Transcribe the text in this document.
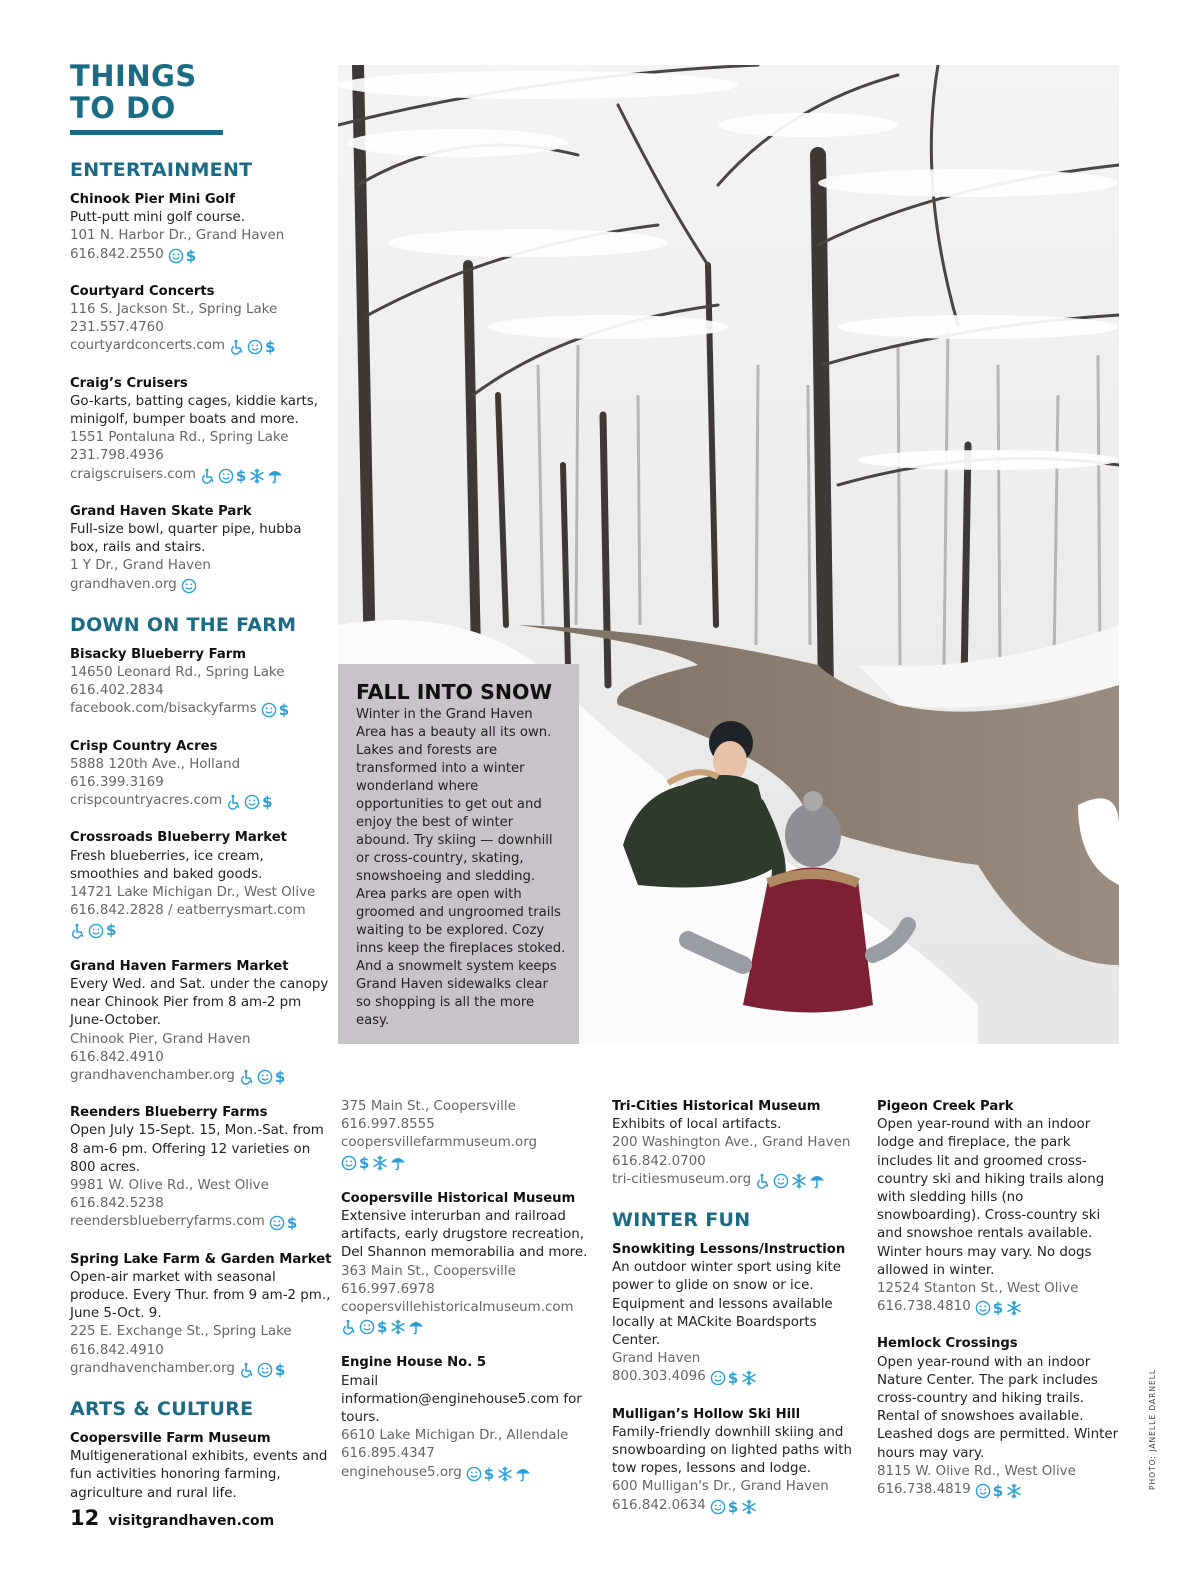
THINGS
TO DO
FALL INTO SNOW
Winter in the Grand Haven Area has a beauty all its own. Lakes and forests are transformed into a winter wonderland where opportunities to get out and enjoy the best of winter abound. Try skiing — downhill or cross-country, skating, snowshoeing and sledding. Area parks are open with groomed and ungroomed trails waiting to be explored. Cozy inns keep the fireplaces stoked. And a snowmelt system keeps Grand Haven sidewalks clear so shopping is all the more easy.
PHOTO: JANELLE DARNELL
ENTERTAINMENT
Chinook Pier Mini Golf
Putt-putt mini golf course.
101 N. Harbor Dr., Grand Haven
616.842.2550 $
Courtyard Concerts
116 S. Jackson St., Spring Lake
231.557.4760
courtyardconcerts.com	$
Craig’s Cruisers
Go-karts, batting cages, kiddie karts, minigolf, bumper boats and more.
1551 Pontaluna Rd., Spring Lake
231.798.4936
craigscruisers.com	$
Grand Haven Skate Park
Full-size bowl, quarter pipe, hubba box, rails and stairs.
1 Y Dr., Grand Haven
grandhaven.org
DOWN ON THE FARM
Bisacky Blueberry Farm
14650 Leonard Rd., Spring Lake
616.402.2834
facebook.com/bisackyfarms $
Crisp Country Acres
5888 120th Ave., Holland
616.399.3169
crispcountryacres.com	$
Crossroads Blueberry Market
Fresh blueberries, ice cream, smoothies and baked goods.
14721 Lake Michigan Dr., West Olive
616.842.2828 / eatberrysmart.com
$
Grand Haven Farmers Market
Every Wed. and Sat. under the canopy near Chinook Pier from 8 am-2 pm June-October.
Chinook Pier, Grand Haven
616.842.4910
grandhavenchamber.org	$
Reenders Blueberry Farms
Open July 15-Sept. 15, Mon.-Sat. from 8 am-6 pm. Offering 12 varieties on 800 acres.
9981 W. Olive Rd., West Olive
616.842.5238
reendersblueberryfarms.com $
Spring Lake Farm & Garden Market
Open-air market with seasonal produce. Every Thur. from 9 am-2 pm., June 5-Oct. 9.
225 E. Exchange St., Spring Lake
616.842.4910
grandhavenchamber.org	$
ARTS & CULTURE
Coopersville Farm Museum
Multigenerational exhibits, events and fun activities honoring farming, agriculture and rural life.
375 Main St., Coopersville
616.997.8555
coopersvillefarmmuseum.org
$
Coopersville Historical Museum
Extensive interurban and railroad artifacts, early drugstore recreation, Del Shannon memorabilia and more.
363 Main St., Coopersville
616.997.6978
coopersvillehistoricalmuseum.com
$
Engine House No. 5
Email information@enginehouse5.com for tours.
6610 Lake Michigan Dr., Allendale
616.895.4347
enginehouse5.org $
Tri-Cities Historical Museum
Exhibits of local artifacts.
200 Washington Ave., Grand Haven
616.842.0700
tri-citiesmuseum.org
WINTER FUN
Snowkiting Lessons/Instruction
An outdoor winter sport using kite power to glide on snow or ice. Equipment and lessons available locally at MACkite Boardsports Center.
Grand Haven
800.303.4096 $
Mulligan’s Hollow Ski Hill
Family-friendly downhill skiing and snowboarding on lighted paths with tow ropes, lessons and lodge.
600 Mulligan's Dr., Grand Haven
616.842.0634 $
Pigeon Creek Park
Open year-round with an indoor lodge and fireplace, the park includes lit and groomed cross-country ski and hiking trails along with sledding hills (no snowboarding). Cross-country ski and snowshoe rentals available. Winter hours may vary. No dogs allowed in winter.
12524 Stanton St., West Olive
616.738.4810 $
Hemlock Crossings
Open year-round with an indoor Nature Center. The park includes cross-country and hiking trails. Rental of snowshoes available. Leashed dogs are permitted. Winter hours may vary.
8115 W. Olive Rd., West Olive
616.738.4819 $
12 visitgrandhaven.com
